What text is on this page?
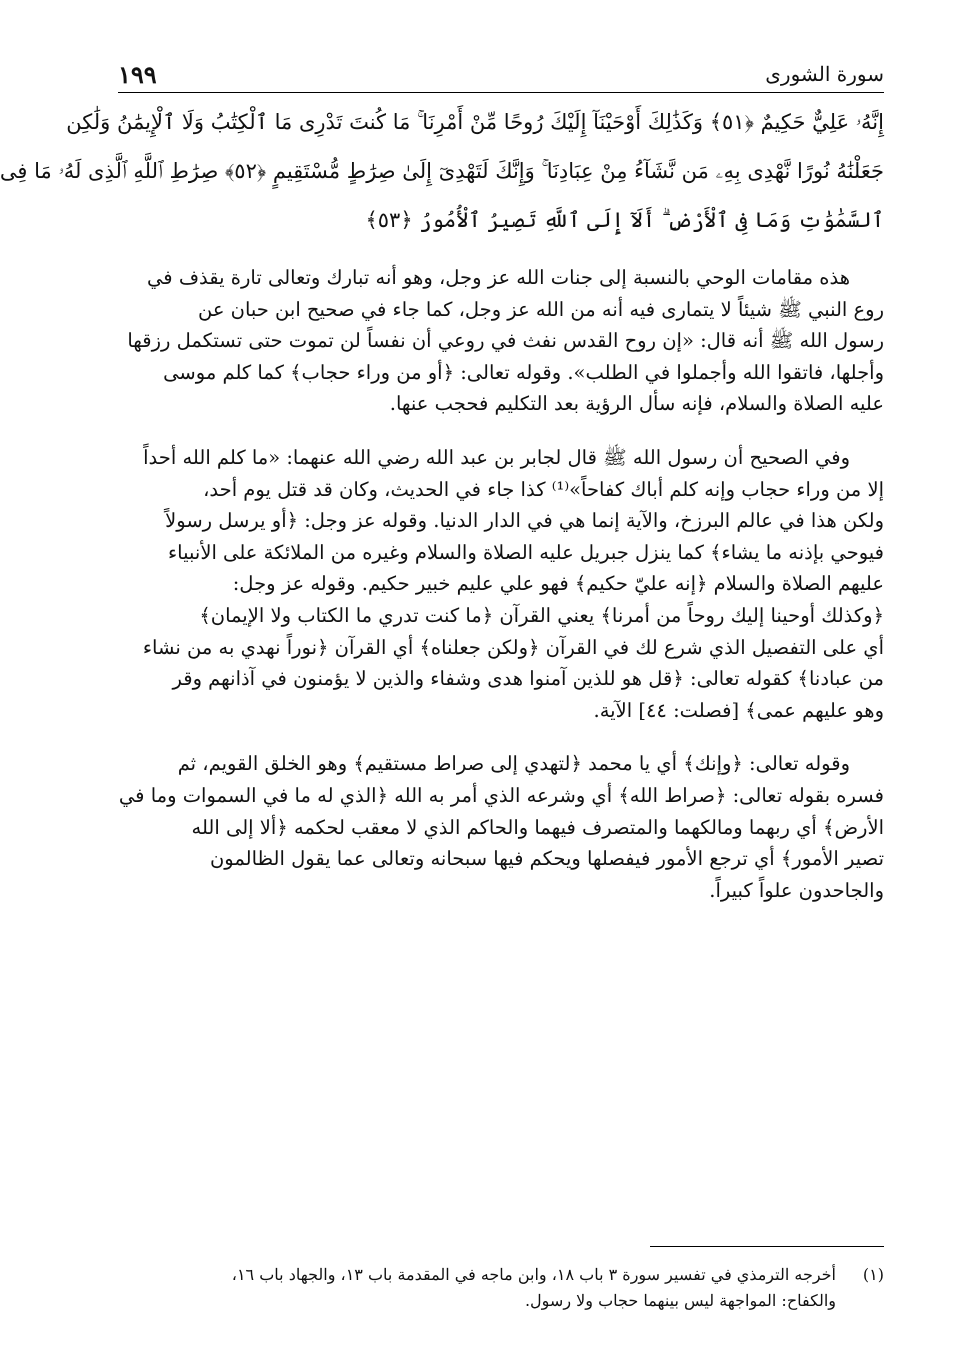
سورة الشورى
١٩٩
إِنَّهُۥ عَلِيٌّ حَكِيمٌ ﴿٥١﴾ وَكَذَٰلِكَ أَوْحَيْنَآ إِلَيْكَ رُوحًا مِّنْ أَمْرِنَا ۚ مَا كُنتَ تَدْرِى مَا ٱلْكِتَٰبُ وَلَا ٱلْإِيمَٰنُ وَلَٰكِن
جَعَلْنَٰهُ نُورًا نَّهْدِى بِهِۦ مَن نَّشَآءُ مِنْ عِبَادِنَا ۚ وَإِنَّكَ لَتَهْدِىٓ إِلَىٰ صِرَٰطٍ مُّسْتَقِيمٍ ﴿٥٢﴾ صِرَٰطِ ٱللَّهِ ٱلَّذِى لَهُۥ مَا فِى
ٱلسَّمَٰوَٰتِ وَمَا فِى ٱلْأَرْضِ ۗ أَلَآ إِلَى ٱللَّهِ تَصِيرُ ٱلْأُمُورُ ﴿٥٣﴾
هذه مقامات الوحي بالنسبة إلى جنات الله عز وجل، وهو أنه تبارك وتعالى تارة يقذف في
روع النبي ﷺ شيئاً لا يتمارى فيه أنه من الله عز وجل، كما جاء في صحيح ابن حبان عن
رسول الله ﷺ أنه قال: «إن روح القدس نفث في روعي أن نفساً لن تموت حتى تستكمل رزقها
وأجلها، فاتقوا الله وأجملوا في الطلب». وقوله تعالى: ﴿أو من وراء حجاب﴾ كما كلم موسى
عليه الصلاة والسلام، فإنه سأل الرؤية بعد التكليم فحجب عنها.
وفي الصحيح أن رسول الله ﷺ قال لجابر بن عبد الله رضي الله عنهما: «ما كلم الله أحداً
إلا من وراء حجاب وإنه كلم أباك كفاحاً»⁽¹⁾ كذا جاء في الحديث، وكان قد قتل يوم أحد،
ولكن هذا في عالم البرزخ، والآية إنما هي في الدار الدنيا. وقوله عز وجل: ﴿أو يرسل رسولاً
فيوحي بإذنه ما يشاء﴾ كما ينزل جبريل عليه الصلاة والسلام وغيره من الملائكة على الأنبياء
عليهم الصلاة والسلام ﴿إنه عليّ حكيم﴾ فهو علي عليم خبير حكيم. وقوله عز وجل:
﴿وكذلك أوحينا إليك روحاً من أمرنا﴾ يعني القرآن ﴿ما كنت تدري ما الكتاب ولا الإيمان﴾
أي على التفصيل الذي شرع لك في القرآن ﴿ولكن جعلناه﴾ أي القرآن ﴿نوراً نهدي به من نشاء
من عبادنا﴾ كقوله تعالى: ﴿قل هو للذين آمنوا هدى وشفاء والذين لا يؤمنون في آذانهم وقر
وهو عليهم عمى﴾ [فصلت: ٤٤] الآية.
وقوله تعالى: ﴿وإنك﴾ أي يا محمد ﴿لتهدي إلى صراط مستقيم﴾ وهو الخلق القويم، ثم
فسره بقوله تعالى: ﴿صراط الله﴾ أي وشرعه الذي أمر به الله ﴿الذي له ما في السموات وما في
الأرض﴾ أي ربهما ومالكهما والمتصرف فيهما والحاكم الذي لا معقب لحكمه ﴿ألا إلى الله
تصير الأمور﴾ أي ترجع الأمور فيفصلها ويحكم فيها سبحانه وتعالى عما يقول الظالمون
والجاحدون علواً كبيراً.
(١)
أخرجه الترمذي في تفسير سورة ٣ باب ١٨، وابن ماجه في المقدمة باب ١٣، والجهاد باب ١٦،
والكفاح: المواجهة ليس بينهما حجاب ولا رسول.
